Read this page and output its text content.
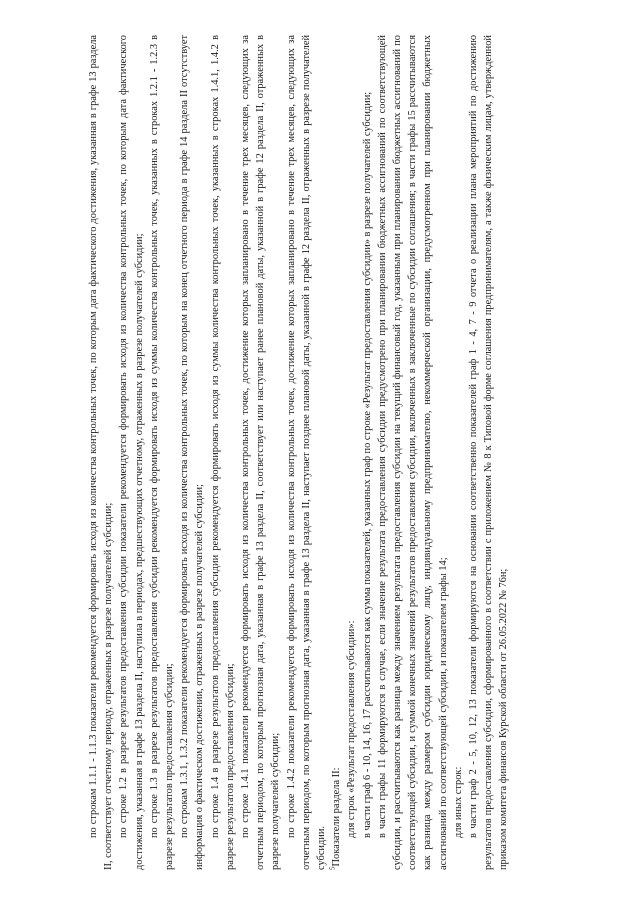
по строкам 1.1.1 - 1.1.3 показатели рекомендуется формировать исходя из количества контрольных точек, по которым дата фактического достижения, указанная в графе 13 раздела II, соответствует отчетному периоду, отраженных в разрезе получателей субсидии; по строке 1.2 в разрезе результатов предоставления субсидии показатели рекомендуется формировать исходя из количества контрольных точек, по которым дата фактического достижения, указанная в графе 13 раздела II, наступила в периодах, предшествующих отчетному, отраженных в разрезе получателей субсидии; по строке 1.3 в разрезе результатов предоставления субсидии рекомендуется формировать исходя из суммы количества контрольных точек, указанных в строках 1.2.1 - 1.2.3 в разрезе результатов предоставления субсидии; по строкам 1.3.1, 1.3.2 показатели рекомендуется формировать исходя из количества контрольных точек, по которым на конец отчетного периода в графе 14 раздела II отсутствует информация о фактическом достижении, отраженных в разрезе получателей субсидии; по строке 1.4 в разрезе результатов предоставления субсидии рекомендуется формировать исходя из суммы количества контрольных точек, указанных в строках 1.4.1, 1.4.2 в разрезе результатов предоставления субсидии; по строке 1.4.1 показатели рекомендуется формировать исходя из количества контрольных точек, достижение которых запланировано в течение трех месяцев, следующих за отчетным периодом, по которым прогнозная дата, указанная в графе 13 раздела II, соответствует или наступает ранее плановой даты, указанной в графе 12 раздела II, отраженных в разрезе получателей субсидии; по строке 1.4.2 показатели рекомендуется формировать исходя из количества контрольных точек, достижение которых запланировано в течение трех месяцев, следующих за отчетным периодом, по которым прогнозная дата, указанная в графе 13 раздела II, наступает позднее плановой даты, указанной в графе 12 раздела II, отраженных в разрезе получателей субсидии. $^5$Показатели раздела II: для строк «Результат предоставления субсидии»: в части граф 6 - 10, 14, 16, 17 рассчитываются как сумма показателей, указанных граф по строке «Результат предоставления субсидии» в разрезе получателей субсидии; в части графы 11 формируются в случае, если значение результата предоставления субсидии предусмотрено при планировании бюджетных ассигнований по соответствующей субсидии, и рассчитываются как разница между значением результата предоставления субсидии на текущий финансовый год, указанным при планировании бюджетных ассигнований по соответствующей субсидии, и суммой конечных значений результатов предоставления субсидии, включенных в заключенные по субсидии соглашения; в части графы 15 рассчитываются как разница между размером субсидии юридическому лицу, индивидуальному предпринимателю, некоммерческой организации, предусмотренном при планировании бюджетных ассигнований по соответствующей субсидии, и показателем графы 14; для иных строк: в части граф 2 - 5, 10, 12, 13 показатели формируются на основании соответственно показателей граф 1 - 4, 7 - 9 отчета о реализации плана мероприятий по достижению результатов предоставления субсидии, сформированного в соответствии с приложением № 8 к Типовой форме соглашения предпринимателям, а также физическим лицам, утвержденной приказом комитета финансов Курской области от 26.05.2022 № 76н;
